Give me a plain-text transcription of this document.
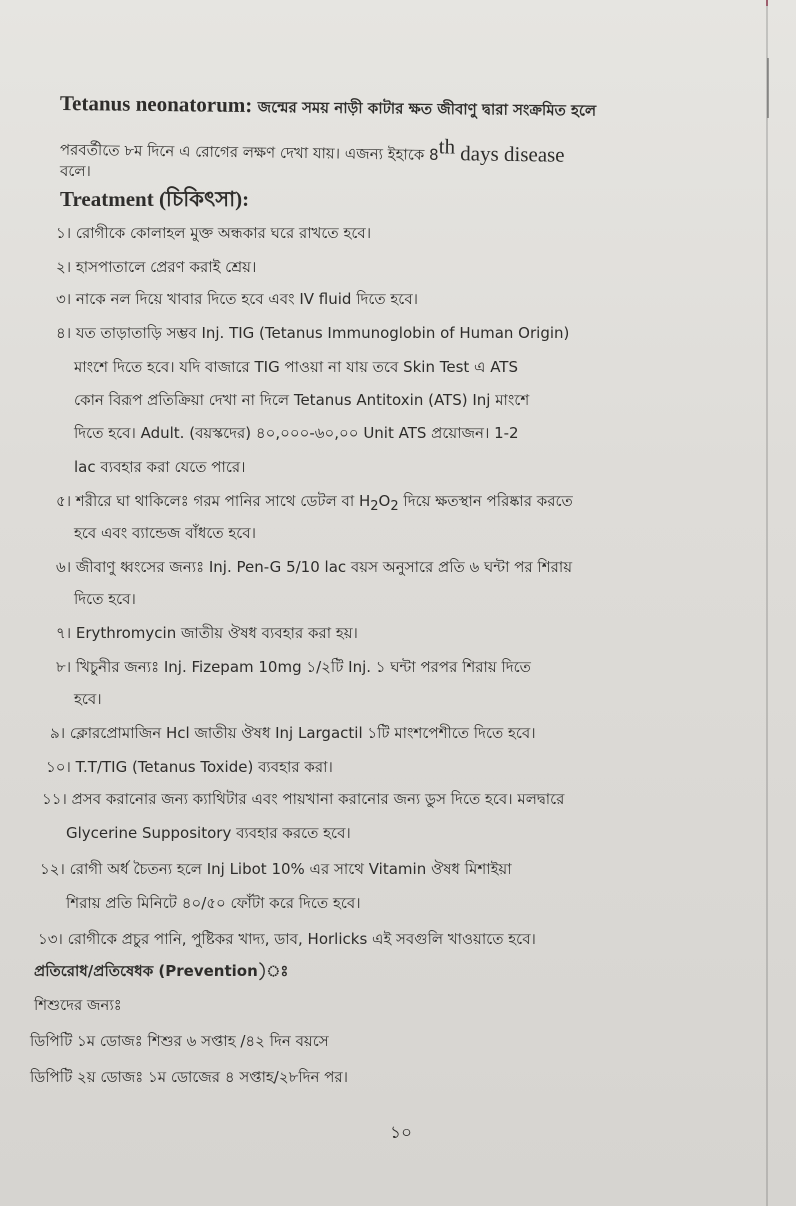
Tetanus neonatorum: জন্মের সময় নাড়ী কাটার ক্ষত জীবাণু দ্বারা সংক্রমিত হলে
পরবর্তীতে ৮ম দিনে এ রোগের লক্ষণ দেখা যায়। এজন্য ইহাকে 8th days disease
বলে।
Treatment (চিকিৎসা):
১। রোগীকে কোলাহল মুক্ত অন্ধকার ঘরে রাখতে হবে।
২। হাসপাতালে প্রেরণ করাই শ্রেয়।
৩। নাকে নল দিয়ে খাবার দিতে হবে এবং IV fluid দিতে হবে।
৪। যত তাড়াতাড়ি সম্ভব Inj. TIG (Tetanus Immunoglobin of Human Origin)
মাংশে দিতে হবে। যদি বাজারে TIG পাওয়া না যায় তবে Skin Test এ ATS
কোন বিরূপ প্রতিক্রিয়া দেখা না দিলে Tetanus Antitoxin (ATS) Inj মাংশে
দিতে হবে। Adult. (বয়স্কদের) ৪০,০০০-৬০,০০ Unit ATS প্রয়োজন। 1-2
lac ব্যবহার করা যেতে পারে।
৫। শরীরে ঘা থাকিলেঃ গরম পানির সাথে ডেটল বা $H_2O_2$ দিয়ে ক্ষতস্থান পরিষ্কার করতে
হবে এবং ব্যান্ডেজ বাঁধতে হবে।
৬। জীবাণু ধ্বংসের জন্যঃ Inj. Pen-G 5/10 lac বয়স অনুসারে প্রতি ৬ ঘন্টা পর শিরায়
দিতে হবে।
৭। Erythromycin জাতীয় ঔষধ ব্যবহার করা হয়।
৮। খিচুনীর জন্যঃ Inj. Fizepam 10mg ১/২টি Inj. ১ ঘন্টা পরপর শিরায় দিতে
হবে।
৯। ক্লোরপ্রোমাজিন Hcl জাতীয় ঔষধ Inj Largactil ১টি মাংশপেশীতে দিতে হবে।
১০। T.T/TIG (Tetanus Toxide) ব্যবহার করা।
১১। প্রসব করানোর জন্য ক্যাথিটার এবং পায়খানা করানোর জন্য ডুস দিতে হবে। মলদ্বারে
Glycerine Suppository ব্যবহার করতে হবে।
১২। রোগী অর্ধ চৈতন্য হলে Inj Libot 10% এর সাথে Vitamin ঔষধ মিশাইয়া
শিরায় প্রতি মিনিটে ৪০/৫০ ফোঁটা করে দিতে হবে।
১৩। রোগীকে প্রচুর পানি, পুষ্টিকর খাদ্য, ডাব, Horlicks এই সবগুলি খাওয়াতে হবে।
প্রতিরোধ/প্রতিষেধক (Prevention)ঃ
শিশুদের জন্যঃ
ডিপিটি ১ম ডোজঃ শিশুর ৬ সপ্তাহ /৪২ দিন বয়সে
ডিপিটি ২য় ডোজঃ ১ম ডোজের ৪ সপ্তাহ/২৮দিন পর।
১০
